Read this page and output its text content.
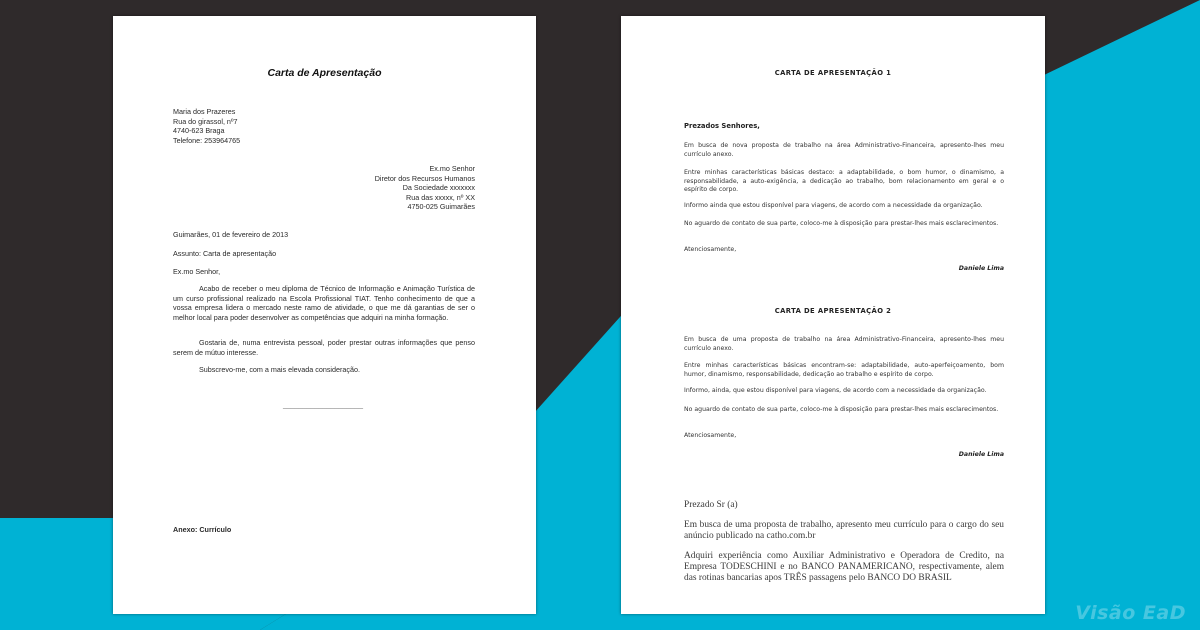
Carta de Apresentação

Maria dos Prazeres

Rua do girassol, nº7

4740-623 Braga

Telefone: 253964765

Ex.mo Senhor

Diretor dos Recursos Humanos

Da Sociedade xxxxxxx

Rua das xxxxx, nº XX

4750-025 Guimarães

Guimarães, 01 de fevereiro de 2013

Assunto: Carta de apresentação

Ex.mo Senhor,

Acabo de receber o meu diploma de Técnico de Informação e Animação Turística de um curso profissional realizado na Escola Profissional TIAT. Tenho conhecimento de que a vossa empresa lidera o mercado neste ramo de atividade, o que me dá garantias de ser o melhor local para poder desenvolver as competências que adquiri na minha formação.

Gostaria de, numa entrevista pessoal, poder prestar outras informações que penso serem de mútuo interesse.

Subscrevo-me, com a mais elevada consideração.

____________________

Anexo: Currículo

CARTA DE APRESENTAÇÃO 1

Prezados Senhores,

Em busca de nova proposta de trabalho na área Administrativo-Financeira, apresento-lhes meu currículo anexo.

Entre minhas características básicas destaco: a adaptabilidade, o bom humor, o dinamismo, a responsabilidade, a auto-exigência, a dedicação ao trabalho, bom relacionamento em geral e o espírito de corpo.

Informo ainda que estou disponível para viagens, de acordo com a necessidade da organização.

No aguardo de contato de sua parte, coloco-me à disposição para prestar-lhes mais esclarecimentos.

Atenciosamente,

Daniele Lima

CARTA DE APRESENTAÇÃO 2

Em busca de uma proposta de trabalho na área Administrativo-Financeira, apresento-lhes meu currículo anexo.

Entre minhas características básicas encontram-se: adaptabilidade, auto-aperfeiçoamento, bom humor, dinamismo, responsabilidade, dedicação ao trabalho e espírito de corpo.

Informo, ainda, que estou disponível para viagens, de acordo com a necessidade da organização.

No aguardo de contato de sua parte, coloco-me à disposição para prestar-lhes mais esclarecimentos.

Atenciosamente,

Daniele Lima

Prezado Sr (a)

Em busca de uma proposta de trabalho, apresento meu currículo para o cargo do seu anúncio publicado na catho.com.br

Adquiri experiência como Auxiliar Administrativo e Operadora de Credito, na Empresa TODESCHINI e no BANCO PANAMERICANO, respectivamente, alem das rotinas bancarias apos TRÊS passagens pelo BANCO DO BRASIL

Visão EaD
